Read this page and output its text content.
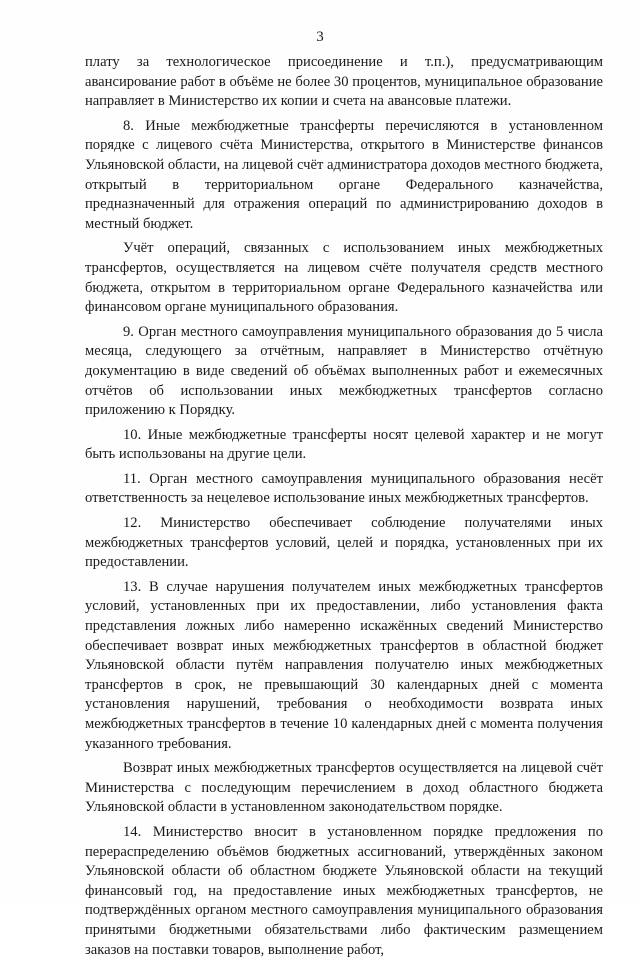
3

плату за технологическое присоединение и т.п.), предусматривающим авансирование работ в объёме не более 30 процентов, муниципальное образование направляет в Министерство их копии и счета на авансовые платежи.

8. Иные межбюджетные трансферты перечисляются в установленном порядке с лицевого счёта Министерства, открытого в Министерстве финансов Ульяновской области, на лицевой счёт администратора доходов местного бюджета, открытый в территориальном органе Федерального казначейства, предназначенный для отражения операций по администрированию доходов в местный бюджет.

Учёт операций, связанных с использованием иных межбюджетных трансфертов, осуществляется на лицевом счёте получателя средств местного бюджета, открытом в территориальном органе Федерального казначейства или финансовом органе муниципального образования.

9. Орган местного самоуправления муниципального образования до 5 числа месяца, следующего за отчётным, направляет в Министерство отчётную документацию в виде сведений об объёмах выполненных работ и ежемесячных отчётов об использовании иных межбюджетных трансфертов согласно приложению к Порядку.

10. Иные межбюджетные трансферты носят целевой характер и не могут быть использованы на другие цели.

11. Орган местного самоуправления муниципального образования несёт ответственность за нецелевое использование иных межбюджетных трансфертов.

12. Министерство обеспечивает соблюдение получателями иных межбюджетных трансфертов условий, целей и порядка, установленных при их предоставлении.

13. В случае нарушения получателем иных межбюджетных трансфертов условий, установленных при их предоставлении, либо установления факта представления ложных либо намеренно искажённых сведений Министерство обеспечивает возврат иных межбюджетных трансфертов в областной бюджет Ульяновской области путём направления получателю иных межбюджетных трансфертов в срок, не превышающий 30 календарных дней с момента установления нарушений, требования о необходимости возврата иных межбюджетных трансфертов в течение 10 календарных дней с момента получения указанного требования.

Возврат иных межбюджетных трансфертов осуществляется на лицевой счёт Министерства с последующим перечислением в доход областного бюджета Ульяновской области в установленном законодательством порядке.

14. Министерство вносит в установленном порядке предложения по перераспределению объёмов бюджетных ассигнований, утверждённых законом Ульяновской области об областном бюджете Ульяновской области на текущий финансовый год, на предоставление иных межбюджетных трансфертов, не подтверждённых органом местного самоуправления муниципального образования принятыми бюджетными обязательствами либо фактическим размещением заказов на поставки товаров, выполнение работ,
